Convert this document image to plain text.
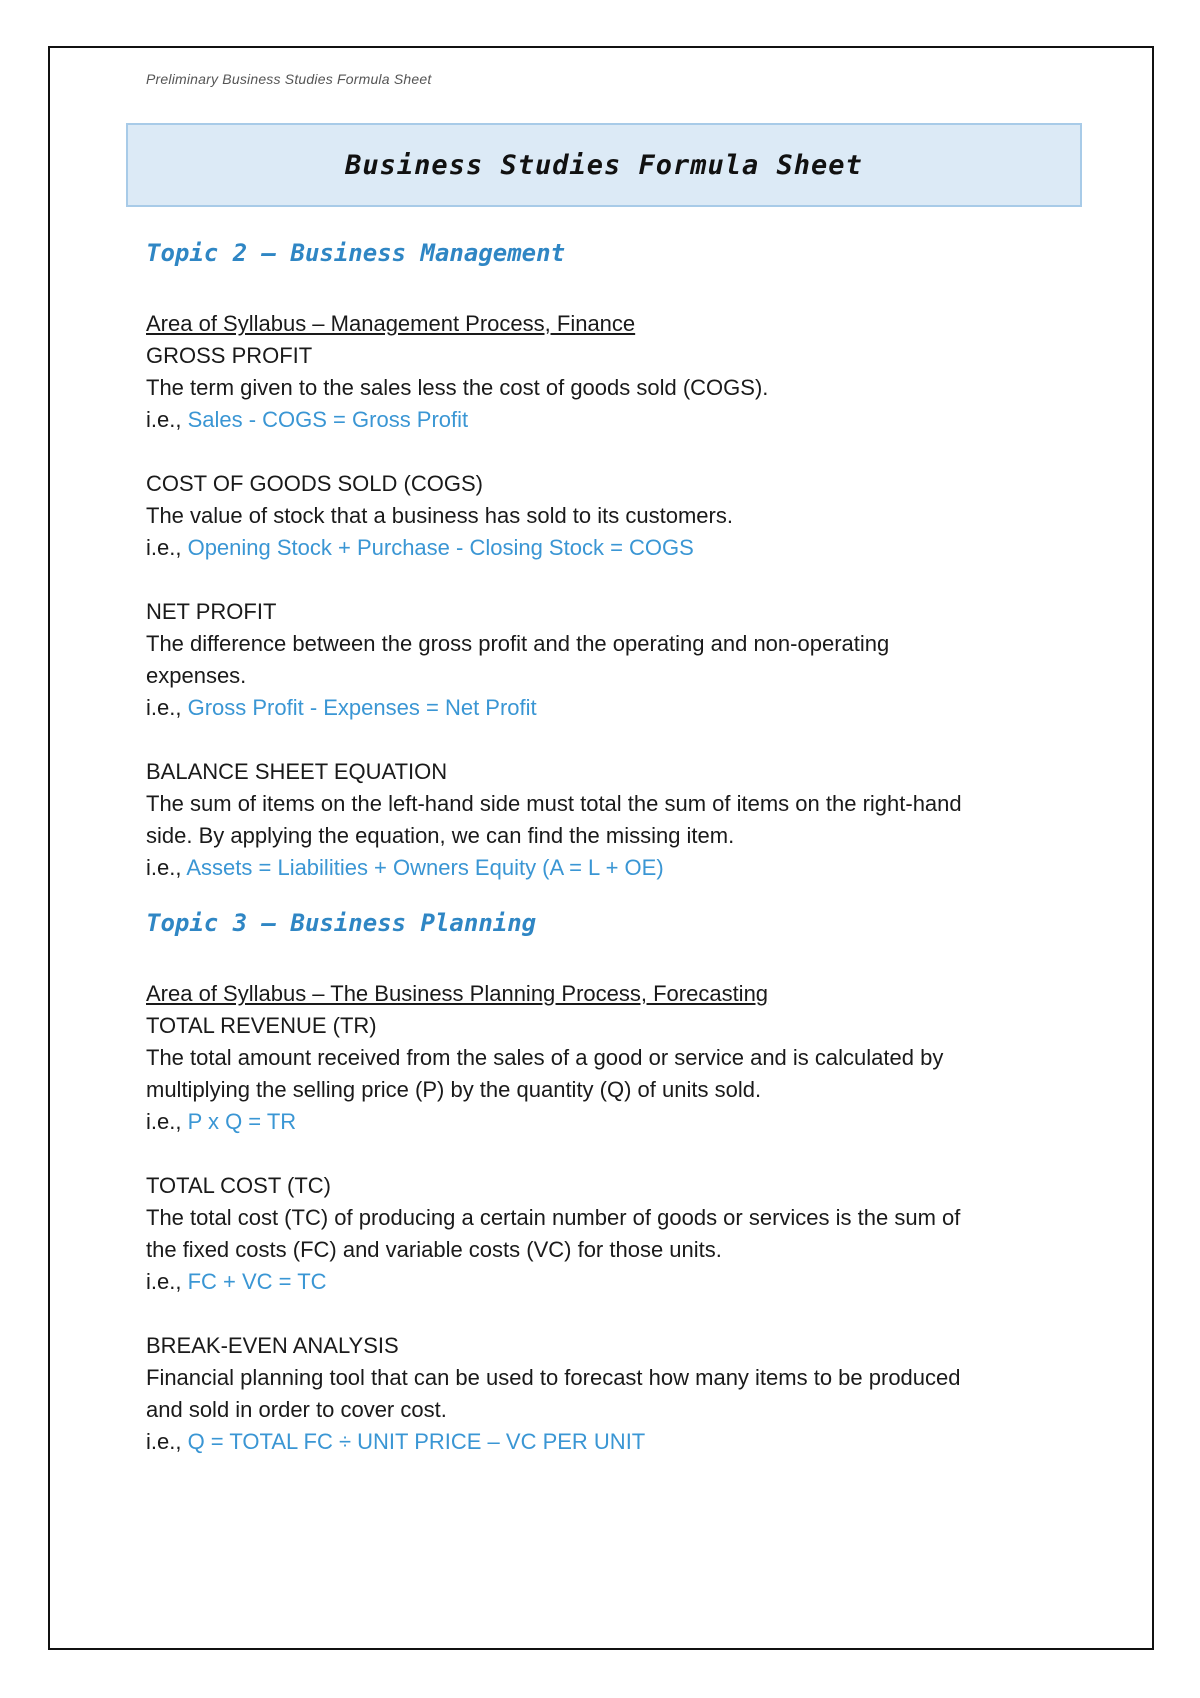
Preliminary Business Studies Formula Sheet
Business Studies Formula Sheet
Topic 2 – Business Management

Area of Syllabus – Management Process, Finance

GROSS PROFIT

The term given to the sales less the cost of goods sold (COGS).

i.e., Sales - COGS = Gross Profit

COST OF GOODS SOLD (COGS)

The value of stock that a business has sold to its customers.

i.e., Opening Stock + Purchase - Closing Stock = COGS

NET PROFIT

The difference between the gross profit and the operating and non-operating

expenses.

i.e., Gross Profit - Expenses = Net Profit

BALANCE SHEET EQUATION

The sum of items on the left-hand side must total the sum of items on the right-hand

side. By applying the equation, we can find the missing item.

i.e., Assets = Liabilities + Owners Equity (A = L + OE)

Topic 3 – Business Planning

Area of Syllabus – The Business Planning Process, Forecasting

TOTAL REVENUE (TR)

The total amount received from the sales of a good or service and is calculated by

multiplying the selling price (P) by the quantity (Q) of units sold.

i.e., P x Q = TR

TOTAL COST (TC)

The total cost (TC) of producing a certain number of goods or services is the sum of

the fixed costs (FC) and variable costs (VC) for those units.

i.e., FC + VC = TC

BREAK-EVEN ANALYSIS

Financial planning tool that can be used to forecast how many items to be produced

and sold in order to cover cost.

i.e., Q = TOTAL FC ÷ UNIT PRICE – VC PER UNIT
